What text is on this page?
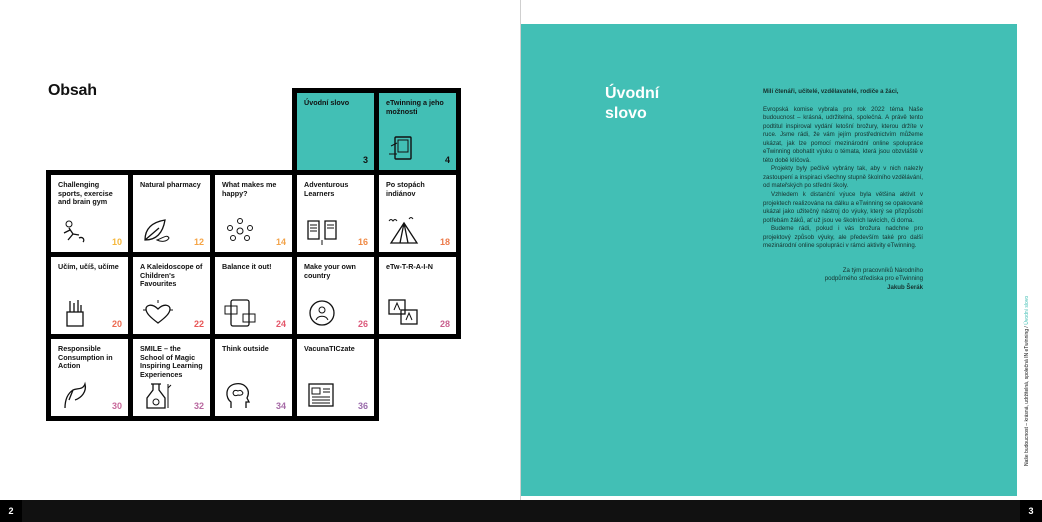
Obsah
Úvodní slovo
3
eTwinning a jeho možnosti
4
Challenging sports, exercise and brain gym
10
Natural pharmacy
12
What makes me happy?
14
Adventurous Learners
16
Po stopách indiánov
18
Učím, učíš, učíme
20
A Kaleidoscope of Children's Favourites
22
Balance it out!
24
Make your own country
26
eTw-T-R-A-I-N
28
Responsible Consumption in Action
30
SMILE – the School of Magic Inspiring Learning Experiences
32
Think outside
34
VacunaTICzate
36
Úvodní
slovo

Milí čtenáři, učitelé, vzdělavatelé, rodiče a žáci,

Evropská komise vybrala pro rok 2022 téma Naše budoucnost – krásná, udržitelná, společná. A právě tento podtitul inspiroval vydání letošní brožury, kterou držíte v ruce. Jsme rádi, že vám jejím prostřednictvím můžeme ukázat, jak lze pomocí mezinárodní online spolupráce eTwinning obohatit výuku o témata, která jsou obzvláště v této době klíčová.

Projekty byly pečlivě vybrány tak, aby v nich nalezly zastoupení a inspiraci všechny stupně školního vzdělávání, od mateřských po střední školy.

Vzhledem k distanční výuce byla většina aktivit v projektech realizována na dálku a eTwinning se opakovaně ukázal jako užitečný nástroj do výuky, který se přizpůsobí potřebám žáků, ať už jsou ve školních lavicích, či doma.

Budeme rádi, pokud i vás brožura nadchne pro projektový způsob výuky, ale především také pro další mezinárodní online spolupráci v rámci aktivity eTwinning.

Za tým pracovníků Národního
podpůrného střediska pro eTwinning
Jakub Šerák

Naše budoucnost – krásná, udržitelná, společná IN eTwinning / Úvodní slovo
2	3
